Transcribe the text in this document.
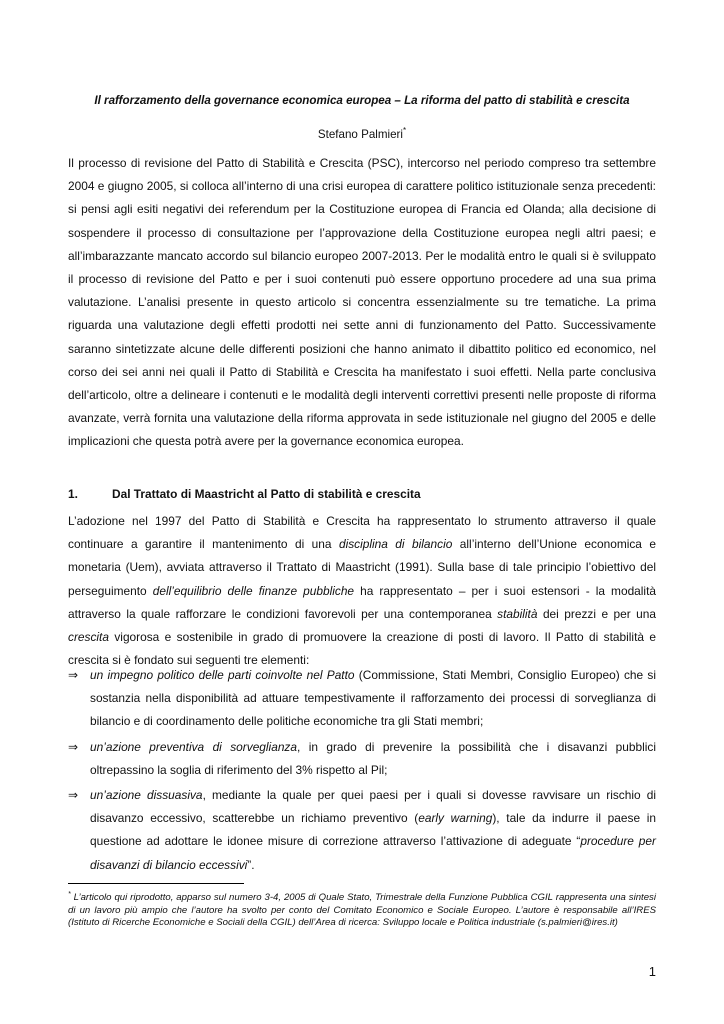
Il rafforzamento della governance economica europea – La riforma del patto di stabilità e crescita
Stefano Palmieri*

Il processo di revisione del Patto di Stabilità e Crescita (PSC), intercorso nel periodo compreso tra settembre 2004 e giugno 2005, si colloca all’interno di una crisi europea di carattere politico istituzionale senza precedenti: si pensi agli esiti negativi dei referendum per la Costituzione europea di Francia ed Olanda; alla decisione di sospendere il processo di consultazione per l’approvazione della Costituzione europea negli altri paesi; e all’imbarazzante mancato accordo sul bilancio europeo 2007-2013. Per le modalità entro le quali si è sviluppato il processo di revisione del Patto e per i suoi contenuti può essere opportuno procedere ad una sua prima valutazione. L’analisi presente in questo articolo si concentra essenzialmente su tre tematiche. La prima riguarda una valutazione degli effetti prodotti nei sette anni di funzionamento del Patto. Successivamente saranno sintetizzate alcune delle differenti posizioni che hanno animato il dibattito politico ed economico, nel corso dei sei anni nei quali il Patto di Stabilità e Crescita ha manifestato i suoi effetti. Nella parte conclusiva dell’articolo, oltre a delineare i contenuti e le modalità degli interventi correttivi presenti nelle proposte di riforma avanzate, verrà fornita una valutazione della riforma approvata in sede istituzionale nel giugno del 2005 e delle implicazioni che questa potrà avere per la governance economica europea.

1.	Dal Trattato di Maastricht al Patto di stabilità e crescita

L’adozione nel 1997 del Patto di Stabilità e Crescita ha rappresentato lo strumento attraverso il quale continuare a garantire il mantenimento di una disciplina di bilancio all’interno dell’Unione economica e monetaria (Uem), avviata attraverso il Trattato di Maastricht (1991). Sulla base di tale principio l’obiettivo del perseguimento dell’equilibrio delle finanze pubbliche ha rappresentato – per i suoi estensori - la modalità attraverso la quale rafforzare le condizioni favorevoli per una contemporanea stabilità dei prezzi e per una crescita vigorosa e sostenibile in grado di promuovere la creazione di posti di lavoro. Il Patto di stabilità e crescita si è fondato sui seguenti tre elementi:

⇒ un impegno politico delle parti coinvolte nel Patto (Commissione, Stati Membri, Consiglio Europeo) che si sostanzia nella disponibilità ad attuare tempestivamente il rafforzamento dei processi di sorveglianza di bilancio e di coordinamento delle politiche economiche tra gli Stati membri;
⇒ un’azione preventiva di sorveglianza, in grado di prevenire la possibilità che i disavanzi pubblici oltrepassino la soglia di riferimento del 3% rispetto al Pil;
⇒ un’azione dissuasiva, mediante la quale per quei paesi per i quali si dovesse ravvisare un rischio di disavanzo eccessivo, scatterebbe un richiamo preventivo (early warning), tale da indurre il paese in questione ad adottare le idonee misure di correzione attraverso l’attivazione di adeguate “procedure per disavanzi di bilancio eccessivi”.

* L’articolo qui riprodotto, apparso sul numero 3-4, 2005 di Quale Stato, Trimestrale della Funzione Pubblica CGIL rappresenta una sintesi di un lavoro più ampio che l’autore ha svolto per conto del Comitato Economico e Sociale Europeo. L’autore è responsabile all’IRES (Istituto di Ricerche Economiche e Sociali della CGIL) dell’Area di ricerca: Sviluppo locale e Politica industriale (s.palmieri@ires.it)

1
